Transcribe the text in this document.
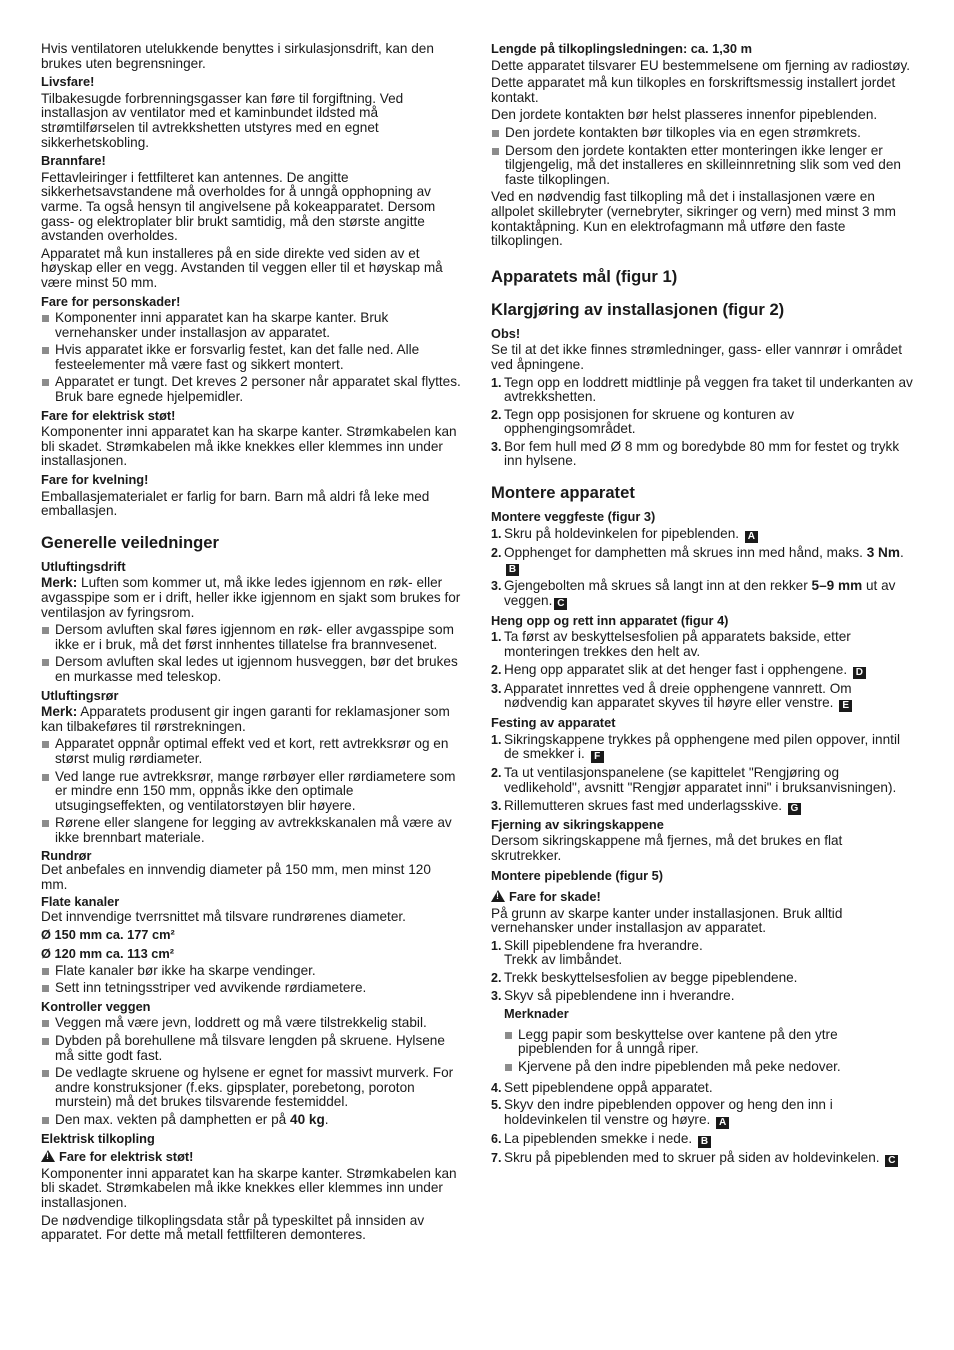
Hvis ventilatoren utelukkende benyttes i sirkulasjonsdrift, kan den brukes uten begrensninger.

Livsfare!

Tilbakesugde forbrenningsgasser kan føre til forgiftning. Ved installasjon av ventilator med et kaminbundet ildsted må strømtilførselen til avtrekkshetten utstyres med en egnet sikkerhetskobling.

Brannfare!

Fettavleiringer i fettfilteret kan antennes. De angitte sikkerhetsavstandene må overholdes for å unngå opphopning av varme. Ta også hensyn til angivelsene på kokeapparatet. Dersom gass- og elektroplater blir brukt samtidig, må den største angitte avstanden overholdes.

Apparatet må kun installeres på en side direkte ved siden av et høyskap eller en vegg. Avstanden til veggen eller til et høyskap må være minst 50 mm.

Fare for personskader!
Komponenter inni apparatet kan ha skarpe kanter. Bruk vernehansker under installasjon av apparatet.
Hvis apparatet ikke er forsvarlig festet, kan det falle ned. Alle festeelementer må være fast og sikkert montert.
Apparatet er tungt. Det kreves 2 personer når apparatet skal flyttes. Bruk bare egnede hjelpemidler.
Fare for elektrisk støt!

Komponenter inni apparatet kan ha skarpe kanter. Strømkabelen kan bli skadet. Strømkabelen må ikke knekkes eller klemmes inn under installasjonen.

Fare for kvelning!

Emballasjematerialet er farlig for barn. Barn må aldri få leke med emballasjen.

Generelle veiledninger
Utluftingsdrift

Merk: Luften som kommer ut, må ikke ledes igjennom en røk- eller avgasspipe som er i drift, heller ikke igjennom en sjakt som brukes for ventilasjon av fyringsrom.

Dersom avluften skal føres igjennom en røk- eller avgasspipe som ikke er i bruk, må det først innhentes tillatelse fra brannvesenet.
Dersom avluften skal ledes ut igjennom husveggen, bør det brukes en murkasse med teleskop.
Utluftingsrør

Merk: Apparatets produsent gir ingen garanti for reklamasjoner som kan tilbakeføres til rørstrekningen.

Apparatet oppnår optimal effekt ved et kort, rett avtrekksrør og en størst mulig rørdiameter.
Ved lange rue avtrekksrør, mange rørbøyer eller rørdiametere som er mindre enn 150 mm, oppnås ikke den optimale utsugingseffekten, og ventilatorstøyen blir høyere.
Rørene eller slangene for legging av avtrekkskanalen må være av ikke brennbart materiale.
Rundrør

Det anbefales en innvendig diameter på 150 mm, men minst 120 mm.

Flate kanaler

Det innvendige tverrsnittet må tilsvare rundrørenes diameter.

Ø 150 mm ca. 177 cm²
Ø 120 mm ca. 113 cm²
Flate kanaler bør ikke ha skarpe vendinger.
Sett inn tetningsstriper ved avvikende rørdiametere.
Kontroller veggen
Veggen må være jevn, loddrett og må være tilstrekkelig stabil.
Dybden på borehullene må tilsvare lengden på skruene. Hylsene må sitte godt fast.
De vedlagte skruene og hylsene er egnet for massivt murverk. For andre konstruksjoner (f.eks. gipsplater, porebetong, poroton murstein) må det brukes tilsvarende festemiddel.
Den max. vekten på damphetten er på 40 kg.
Elektrisk tilkopling
!Fare for elektrisk støt!

Komponenter inni apparatet kan ha skarpe kanter. Strømkabelen kan bli skadet. Strømkabelen må ikke knekkes eller klemmes inn under installasjonen.

De nødvendige tilkoplingsdata står på typeskiltet på innsiden av apparatet. For dette må metall fettfilteren demonteres.

Lengde på tilkoplingsledningen: ca. 1,30 m

Dette apparatet tilsvarer EU bestemmelsene om fjerning av radiostøy.

Dette apparatet må kun tilkoples en forskriftsmessig installert jordet kontakt.

Den jordete kontakten bør helst plasseres innenfor pipeblenden.

Den jordete kontakten bør tilkoples via en egen strømkrets.
Dersom den jordete kontakten etter monteringen ikke lenger er tilgjengelig, må det installeres en skilleinnretning slik som ved den faste tilkoplingen.

Ved en nødvendig fast tilkopling må det i installasjonen være en allpolet skillebryter (vernebryter, sikringer og vern) med minst 3 mm kontaktåpning. Kun en elektrofagmann må utføre den faste tilkoplingen.

Apparatets mål (figur 1)
Klargjøring av installasjonen (figur 2)
Obs!

Se til at det ikke finnes strømledninger, gass- eller vannrør i området ved åpningene.

1. Tegn opp en loddrett midtlinje på veggen fra taket til underkanten av avtrekkshetten.
2. Tegn opp posisjonen for skruene og konturen av opphengingsområdet.
3. Bor fem hull med Ø 8 mm og boredybde 80 mm for festet og trykk inn hylsene.
Montere apparatet
Montere veggfeste (figur 3)
1. Skru på holdevinkelen for pipeblenden. A
2. Opphenget for damphetten må skrues inn med hånd, maks. 3 Nm. B
3. Gjengebolten må skrues så langt inn at den rekker 5–9 mm ut av veggen. C
Heng opp og rett inn apparatet (figur 4)
1. Ta først av beskyttelsesfolien på apparatets bakside, etter monteringen trekkes den helt av.
2. Heng opp apparatet slik at det henger fast i opphengene. D
3. Apparatet innrettes ved å dreie opphengene vannrett. Om nødvendig kan apparatet skyves til høyre eller venstre. E
Festing av apparatet
1. Sikringskappene trykkes på opphengene med pilen oppover, inntil de smekker i. F
2. Ta ut ventilasjonspanelene (se kapittelet "Rengjøring og vedlikehold", avsnitt "Rengjør apparatet inni" i bruksanvisningen).
3. Rillemutteren skrues fast med underlagsskive. G
Fjerning av sikringskappene

Dersom sikringskappene må fjernes, må det brukes en flat skrutrekker.

Montere pipeblende (figur 5)
!Fare for skade!

På grunn av skarpe kanter under installasjonen. Bruk alltid vernehansker under installasjon av apparatet.

1. Skill pipeblendene fra hverandre.

Trekk av limbåndet.

2. Trekk beskyttelsesfolien av begge pipeblendene.
3. Skyv så pipeblendene inn i hverandre.
Merknader
Legg papir som beskyttelse over kantene på den ytre pipeblenden for å unngå riper.
Kjervene på den indre pipeblenden må peke nedover.
4. Sett pipeblendene oppå apparatet.
5. Skyv den indre pipeblenden oppover og heng den inn i holdevinkelen til venstre og høyre. A
6. La pipeblenden smekke i nede. B
7. Skru på pipeblenden med to skruer på siden av holdevinkelen. C
